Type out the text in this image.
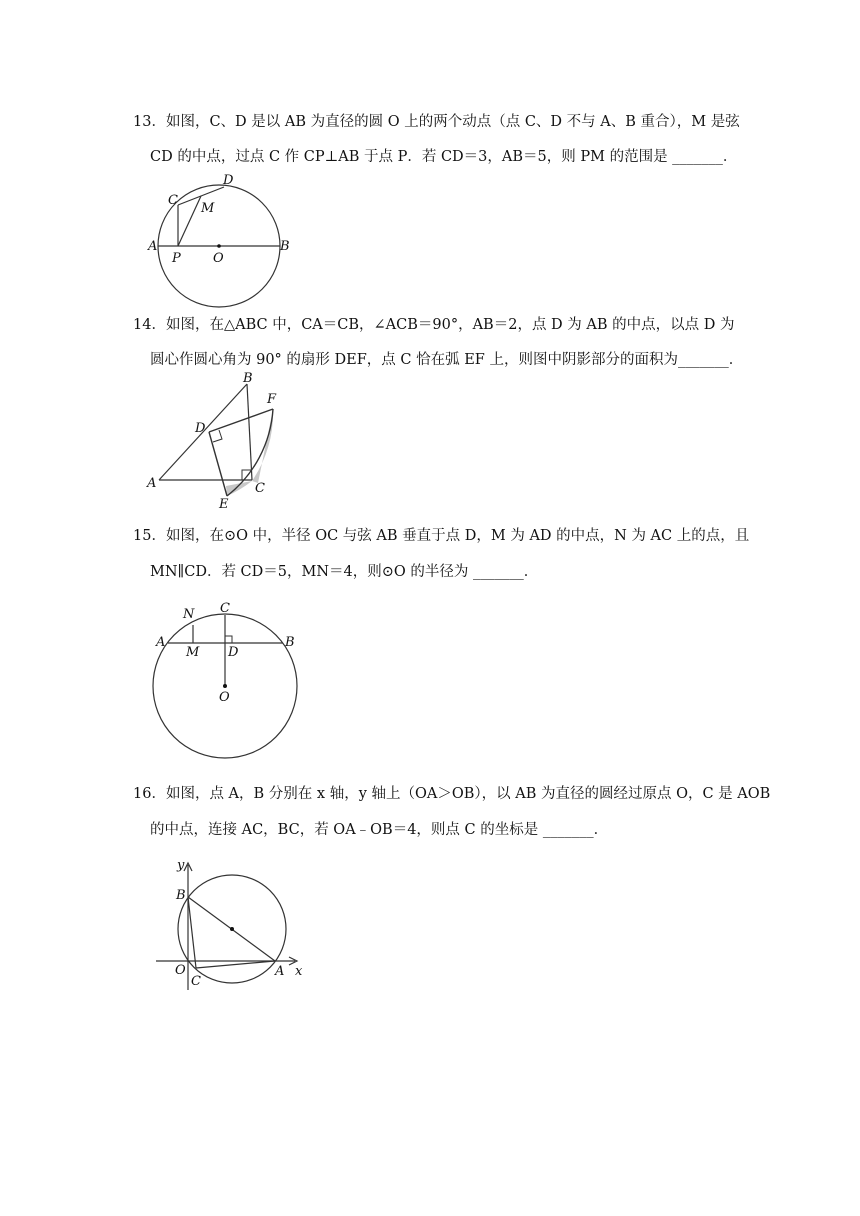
13．如图，C、D 是以 AB 为直径的圆 O 上的两个动点（点 C、D 不与 A、B 重合），M 是弦
CD 的中点，过点 C 作 CP⊥AB 于点 P．若 CD＝3，AB＝5，则 PM 的范围是 _______．
A	B
C
D
M
P O
14．如图，在△ABC 中，CA＝CB，∠ACB＝90°，AB＝2，点 D 为 AB 的中点，以点 D 为
圆心作圆心角为 90° 的扇形 DEF，点 C 恰在弧 EF 上，则图中阴影部分的面积为_______．
A
B
C
D
E
F
15．如图，在⊙O 中，半径 OC 与弦 AB 垂直于点 D，M 为 AD 的中点，N 为 AC 上的点，且
MN∥CD．若 CD＝5，MN＝4，则⊙O 的半径为 _______．
A	B
C
D
M
N
O
16．如图，点 A，B 分别在 x 轴，y 轴上（OA＞OB），以 AB 为直径的圆经过原点 O，C 是 AOB
的中点，连接 AC，BC，若 OA﹣OB＝4，则点 C 的坐标是 _______．
A
B
C
O	x
y
